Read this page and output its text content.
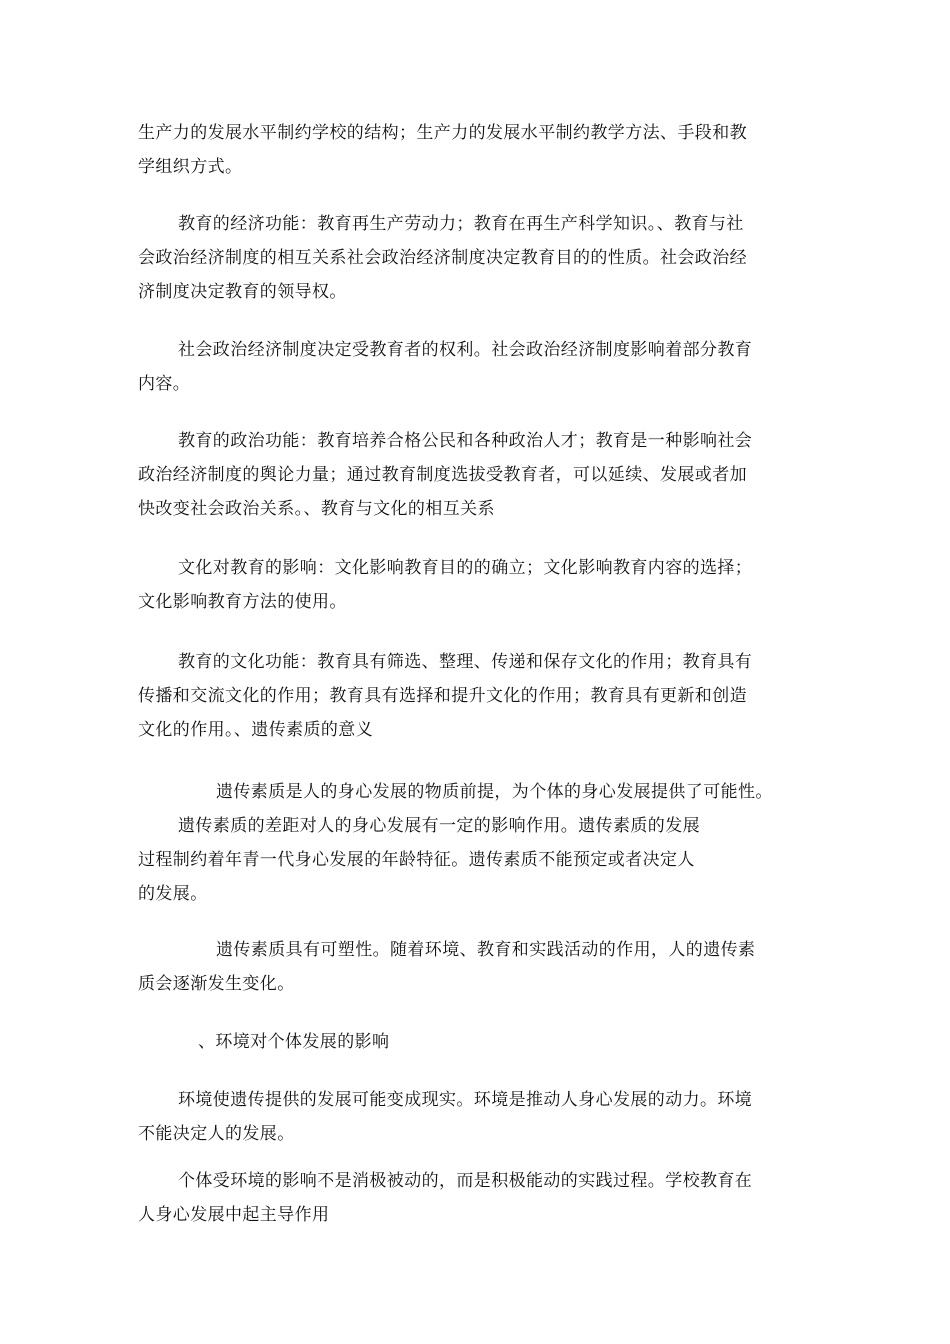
生产力的发展水平制约学校的结构；生产力的发展水平制约教学方法、手段和教
学组织方式。
教育的经济功能：教育再生产劳动力；教育在再生产科学知识。、教育与社
会政治经济制度的相互关系社会政治经济制度决定教育目的的性质。社会政治经
济制度决定教育的领导权。
社会政治经济制度决定受教育者的权利。社会政治经济制度影响着部分教育
内容。
教育的政治功能：教育培养合格公民和各种政治人才；教育是一种影响社会
政治经济制度的舆论力量；通过教育制度选拔受教育者，可以延续、发展或者加
快改变社会政治关系。、教育与文化的相互关系
文化对教育的影响：文化影响教育目的的确立；文化影响教育内容的选择；
文化影响教育方法的使用。
教育的文化功能：教育具有筛选、整理、传递和保存文化的作用；教育具有
传播和交流文化的作用；教育具有选择和提升文化的作用；教育具有更新和创造
文化的作用。、遗传素质的意义
遗传素质是人的身心发展的物质前提，为个体的身心发展提供了可能性。
遗传素质的差距对人的身心发展有一定的影响作用。遗传素质的发展
过程制约着年青一代身心发展的年龄特征。遗传素质不能预定或者决定人
的发展。
遗传素质具有可塑性。随着环境、教育和实践活动的作用，人的遗传素
质会逐渐发生变化。
、环境对个体发展的影响
环境使遗传提供的发展可能变成现实。环境是推动人身心发展的动力。环境
不能决定人的发展。
个体受环境的影响不是消极被动的，而是积极能动的实践过程。学校教育在
人身心发展中起主导作用
